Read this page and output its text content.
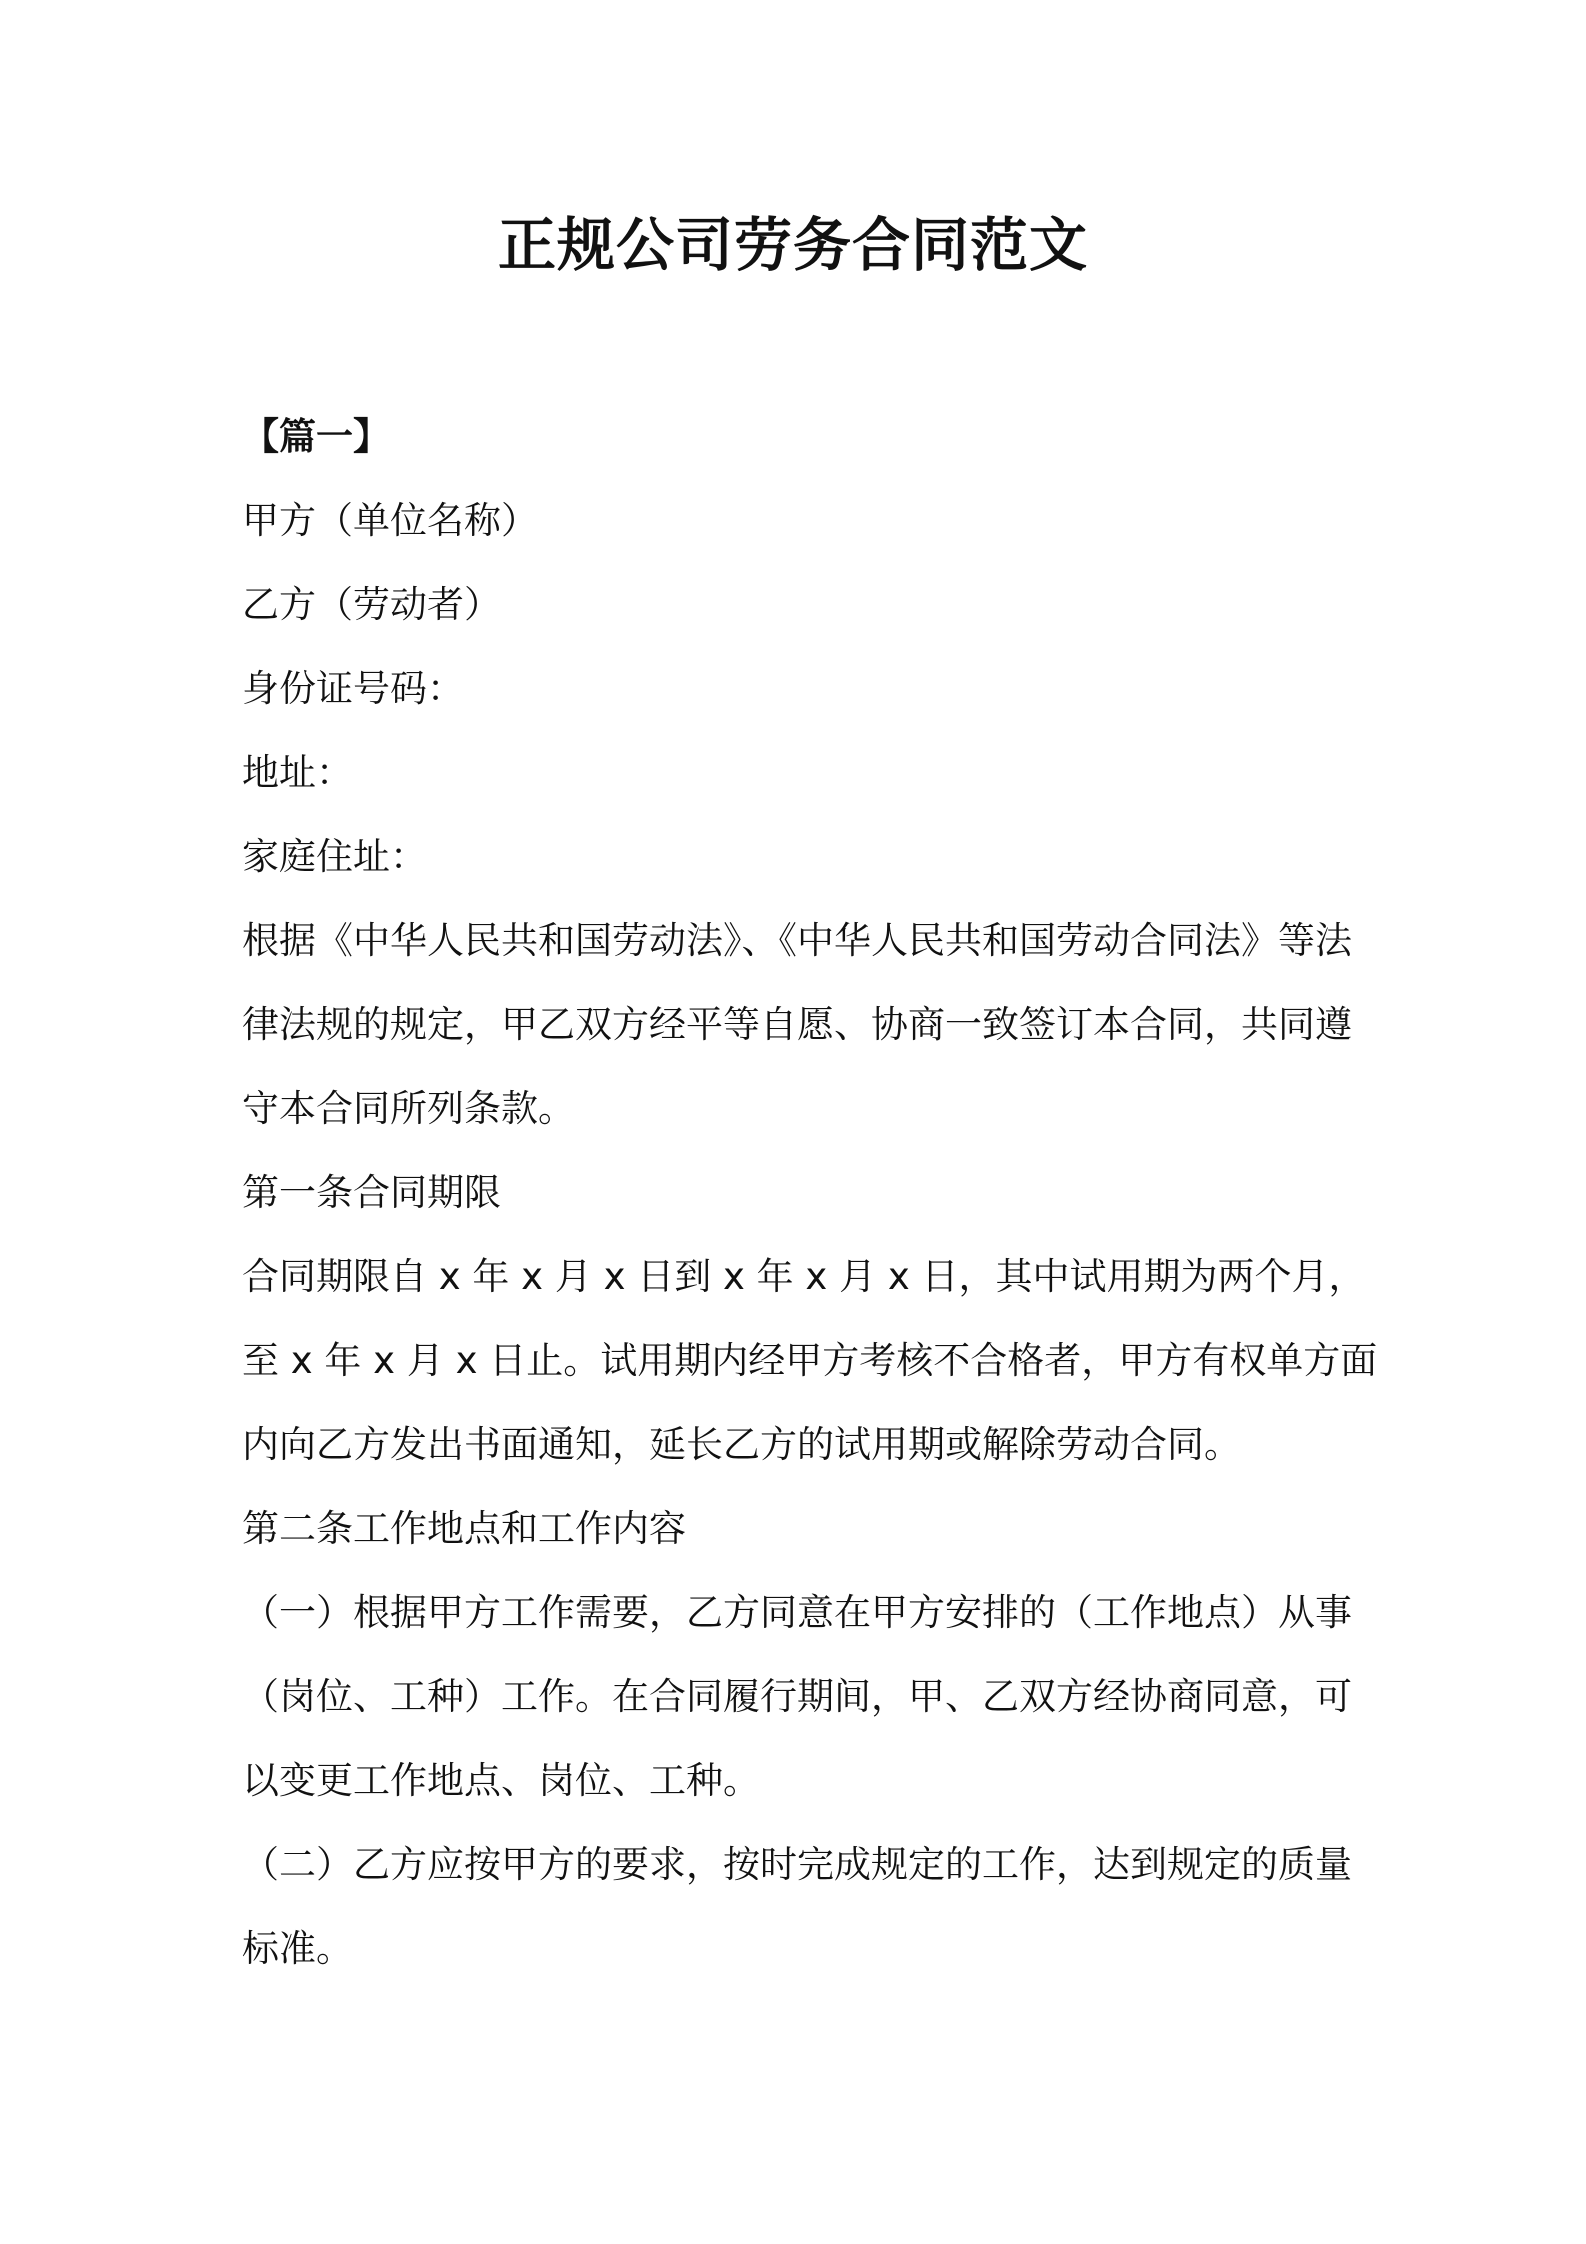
正规公司劳务合同范文

【篇一】

甲方（单位名称）

乙方（劳动者）

身份证号码：

地址：

家庭住址：

根据《中华人民共和国劳动法》、《中华人民共和国劳动合同法》等法

律法规的规定，甲乙双方经平等自愿、协商一致签订本合同，共同遵

守本合同所列条款。

第一条合同期限

合同期限自 x 年 x 月 x 日到 x 年 x 月 x 日，其中试用期为两个月，

至 x 年 x 月 x 日止。试用期内经甲方考核不合格者，甲方有权单方面

内向乙方发出书面通知，延长乙方的试用期或解除劳动合同。

第二条工作地点和工作内容

（一）根据甲方工作需要，乙方同意在甲方安排的（工作地点）从事

（岗位、工种）工作。在合同履行期间，甲、乙双方经协商同意，可

以变更工作地点、岗位、工种。

（二）乙方应按甲方的要求，按时完成规定的工作，达到规定的质量

标准。
